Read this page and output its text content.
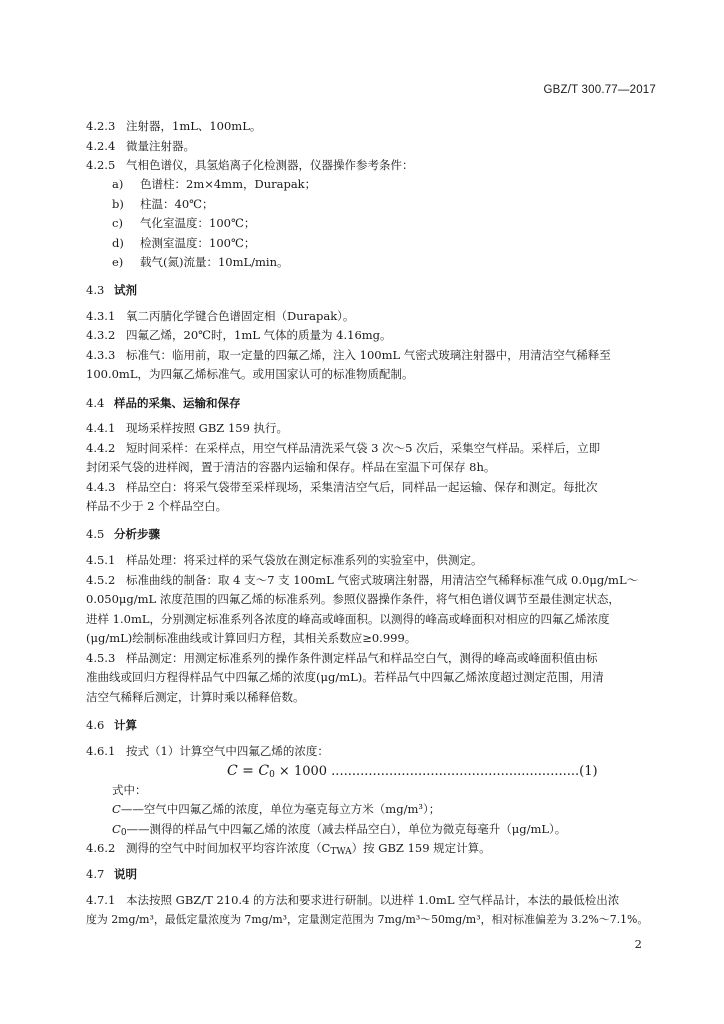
GBZ/T 300.77—2017
4.2.3 注射器，1mL、100mL。
4.2.4 微量注射器。
4.2.5 气相色谱仪，具氢焰离子化检测器，仪器操作参考条件：
a) 色谱柱：2m×4mm，Durapak；
b) 柱温：40℃；
c) 气化室温度：100℃；
d) 检测室温度：100℃；
e) 载气(氮)流量：10mL/min。
4.3 试剂
4.3.1 氧二丙腈化学键合色谱固定相（Durapak）。
4.3.2 四氟乙烯，20℃时，1mL 气体的质量为 4.16mg。
4.3.3 标准气：临用前，取一定量的四氟乙烯，注入 100mL 气密式玻璃注射器中，用清洁空气稀释至
100.0mL，为四氟乙烯标准气。或用国家认可的标准物质配制。
4.4 样品的采集、运输和保存
4.4.1 现场采样按照 GBZ 159 执行。
4.4.2 短时间采样：在采样点，用空气样品清洗采气袋 3 次～5 次后，采集空气样品。采样后，立即
封闭采气袋的进样阀，置于清洁的容器内运输和保存。样品在室温下可保存 8h。
4.4.3 样品空白：将采气袋带至采样现场，采集清洁空气后，同样品一起运输、保存和测定。每批次
样品不少于 2 个样品空白。
4.5 分析步骤
4.5.1 样品处理：将采过样的采气袋放在测定标准系列的实验室中，供测定。
4.5.2 标准曲线的制备：取 4 支～7 支 100mL 气密式玻璃注射器，用清洁空气稀释标准气成 0.0μg/mL～
0.050μg/mL 浓度范围的四氟乙烯的标准系列。参照仪器操作条件，将气相色谱仪调节至最佳测定状态，
进样 1.0mL，分别测定标准系列各浓度的峰高或峰面积。以测得的峰高或峰面积对相应的四氟乙烯浓度
(μg/mL)绘制标准曲线或计算回归方程，其相关系数应≥0.999。
4.5.3 样品测定：用测定标准系列的操作条件测定样品气和样品空白气，测得的峰高或峰面积值由标
准曲线或回归方程得样品气中四氟乙烯的浓度(μg/mL)。若样品气中四氟乙烯浓度超过测定范围，用清
洁空气稀释后测定，计算时乘以稀释倍数。
4.6 计算
4.6.1 按式（1）计算空气中四氟乙烯的浓度：
C = C0 × 1000 ............................................................(1)
式中：
C——空气中四氟乙烯的浓度，单位为毫克每立方米（mg/m³）；
C0——测得的样品气中四氟乙烯的浓度（减去样品空白），单位为微克每毫升（μg/mL）。
4.6.2 测得的空气中时间加权平均容许浓度（CTWA）按 GBZ 159 规定计算。
4.7 说明
4.7.1 本法按照 GBZ/T 210.4 的方法和要求进行研制。以进样 1.0mL 空气样品计，本法的最低检出浓
度为 2mg/m³，最低定量浓度为 7mg/m³，定量测定范围为 7mg/m³～50mg/m³，相对标准偏差为 3.2%～7.1%。
2
